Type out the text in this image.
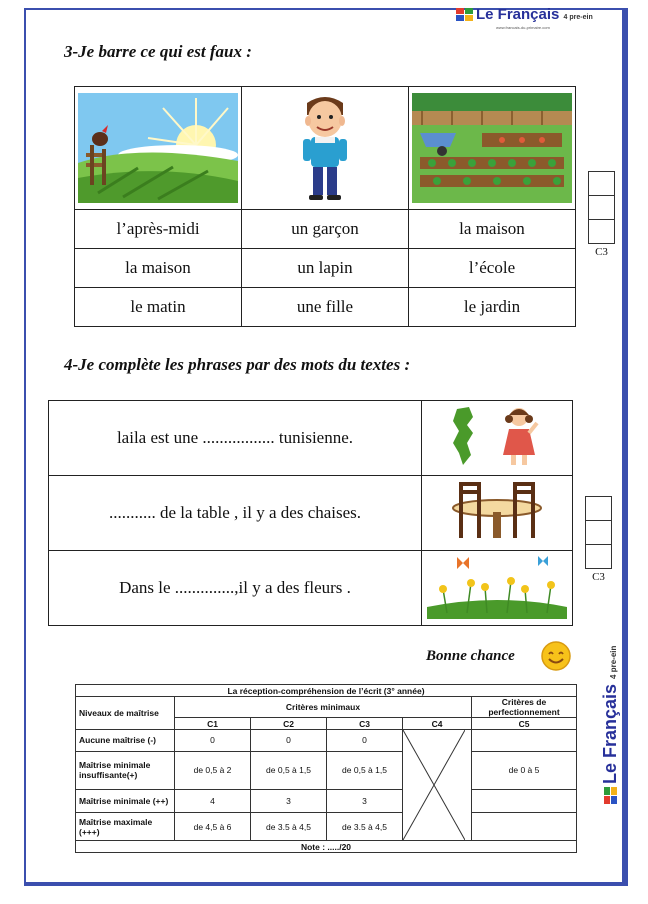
Le Français 4 pre-ein
www.francais-du-primaire.com
3-Je barre ce qui est faux :

l’après-midi	un garçon	la maison
la maison	un lapin	l’école
le matin	une fille	le jardin
C3
4-Je complète les phrases par des mots du textes :
laila est une ................. tunisienne.	
........... de la table , il y a des chaises.	
Dans le ..............,il y a des fleurs .	
C3
Bonne chance
La réception-compréhension de l’écrit (3° année)					
Niveaux de maîtrise	Critères minimaux				Critères de perfectionnement
	C1	C2	C3	C4	C5
Aucune maîtrise (-)	0	0	0	

Maîtrise minimale insuffisante(+)	de 0,5 à 2	de 0,5 à 1,5	de 0,5 à 1,5		de 0 à 5
Maîtrise minimale (++)	4	3	3		
Maîtrise maximale (+++)	de 4,5 à 6	de 3.5 à 4,5	de 3.5 à 4,5		
Note : ...../20					
Le Français 4 pre-ein
